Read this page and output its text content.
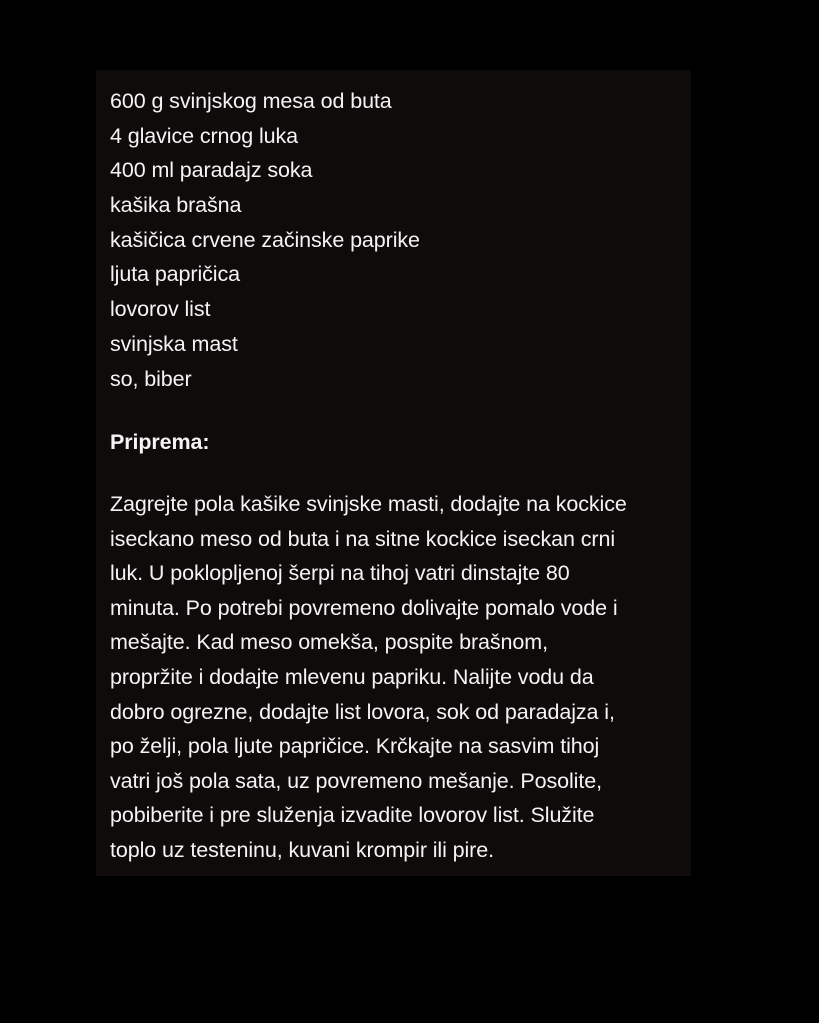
600 g svinjskog mesa od buta
4 glavice crnog luka
400 ml paradajz soka
kašika brašna
kašičica crvene začinske paprike
ljuta papričica
lovorov list
svinjska mast
so, biber
Priprema:

Zagrejte pola kašike svinjske masti, dodajte na kockice
iseckano meso od buta i na sitne kockice iseckan crni
luk. U poklopljenoj šerpi na tihoj vatri dinstajte 80
minuta. Po potrebi povremeno dolivajte pomalo vode i
mešajte. Kad meso omekša, pospite brašnom,
propržite i dodajte mlevenu papriku. Nalijte vodu da
dobro ogrezne, dodajte list lovora, sok od paradajza i,
po želji, pola ljute papričice. Krčkajte na sasvim tihoj
vatri još pola sata, uz povremeno mešanje. Posolite,
pobiberite i pre služenja izvadite lovorov list. Služite
toplo uz testeninu, kuvani krompir ili pire.
